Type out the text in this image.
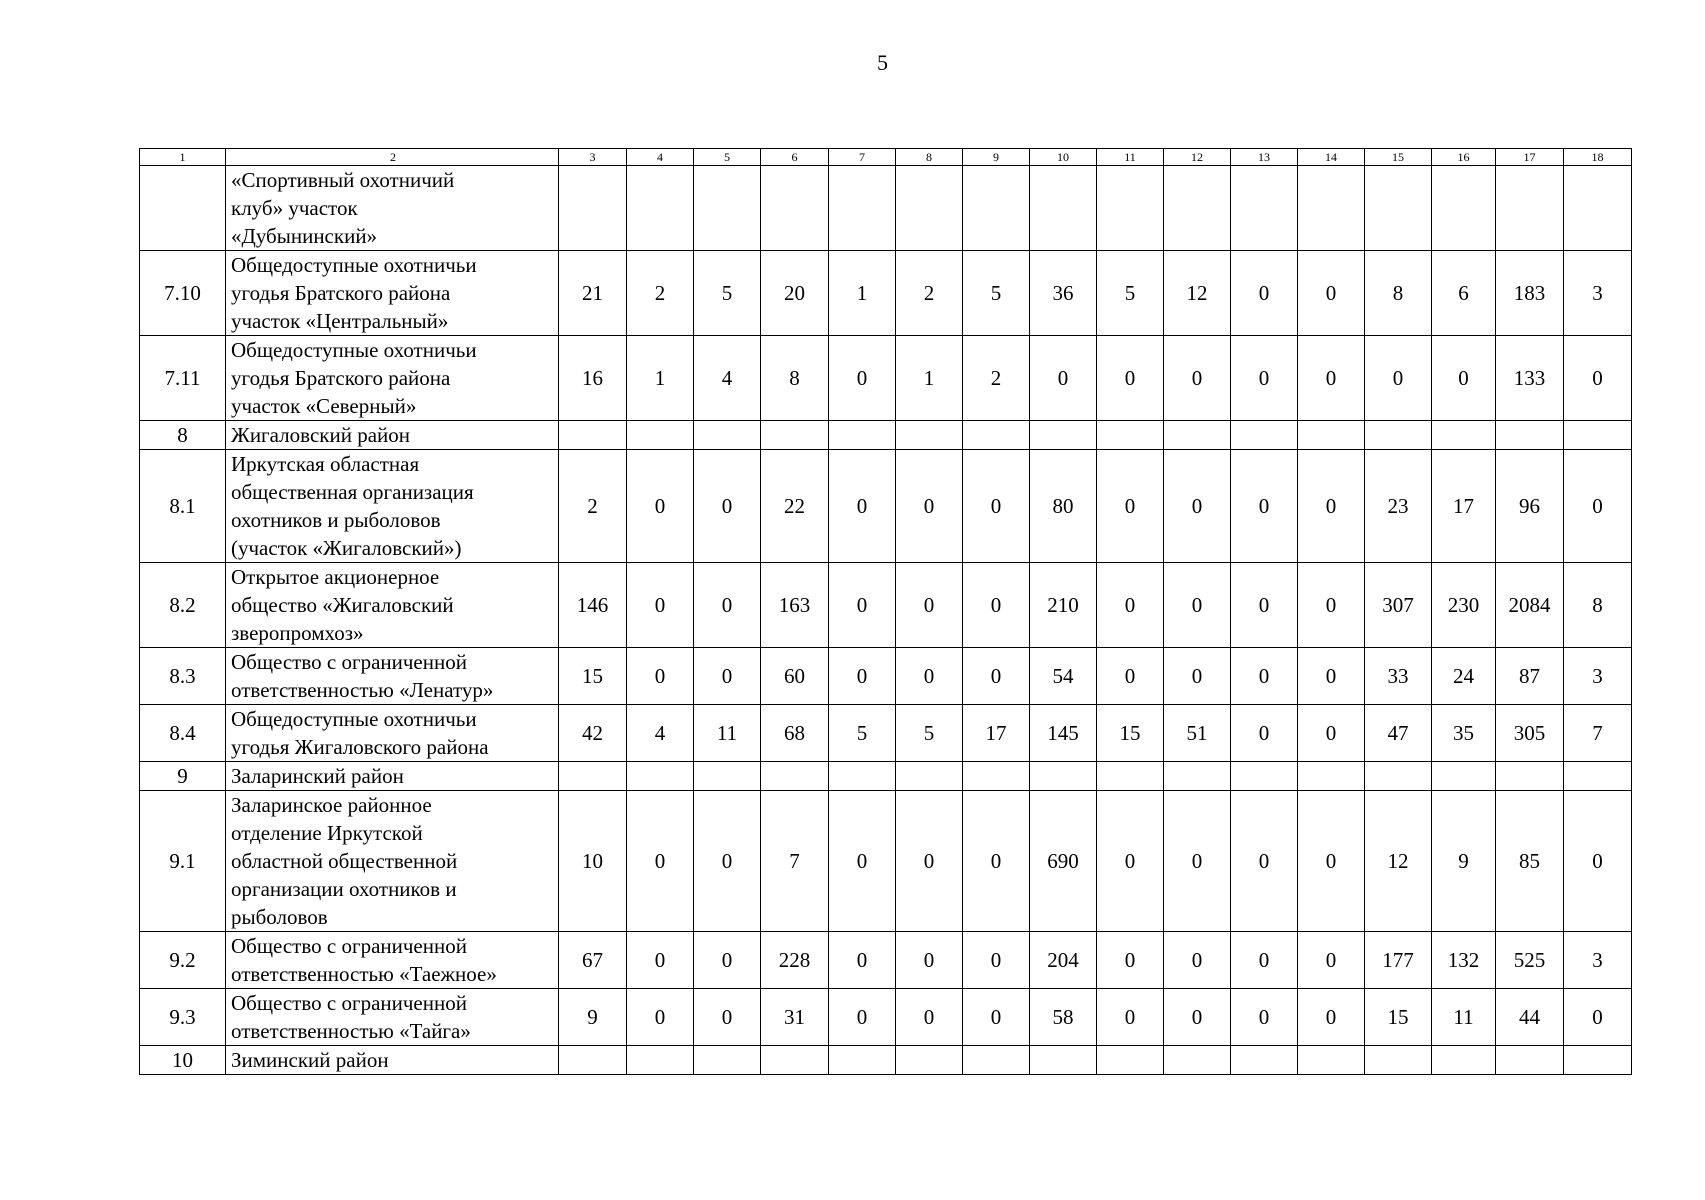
5
1	2	3	4	5	6	7	8	9	10	11	12	13	14	15	16	17	18

	«Спортивный охотничий
клуб» участок
«Дубынинский»																

7.10	Общедоступные охотничьи
угодья Братского района
участок «Центральный»	21	2	5	20	1	2	5	36	5	12	0	0	8	6	183	3
7.11	Общедоступные охотничьи
угодья Братского района
участок «Северный»	16	1	4	8	0	1	2	0	0	0	0	0	0	0	133	0
8	Жигаловский район																

8.1	Иркутская областная
общественная организация
охотников и рыболовов
(участок «Жигаловский»)	2	0	0	22	0	0	0	80	0	0	0	0	23	17	96	0
8.2	Открытое акционерное
общество «Жигаловский
зверопромхоз»	146	0	0	163	0	0	0	210	0	0	0	0	307	230	2084	8
8.3	Общество с ограниченной
ответственностью «Ленатур»	15	0	0	60	0	0	0	54	0	0	0	0	33	24	87	3
8.4	Общедоступные охотничьи
угодья Жигаловского района	42	4	11	68	5	5	17	145	15	51	0	0	47	35	305	7
9	Заларинский район																

9.1	Заларинское районное
отделение Иркутской
областной общественной
организации охотников и
рыболовов	10	0	0	7	0	0	0	690	0	0	0	0	12	9	85	0
9.2	Общество с ограниченной
ответственностью «Таежное»	67	0	0	228	0	0	0	204	0	0	0	0	177	132	525	3
9.3	Общество с ограниченной
ответственностью «Тайга»	9	0	0	31	0	0	0	58	0	0	0	0	15	11	44	0
10	Зиминский район																
